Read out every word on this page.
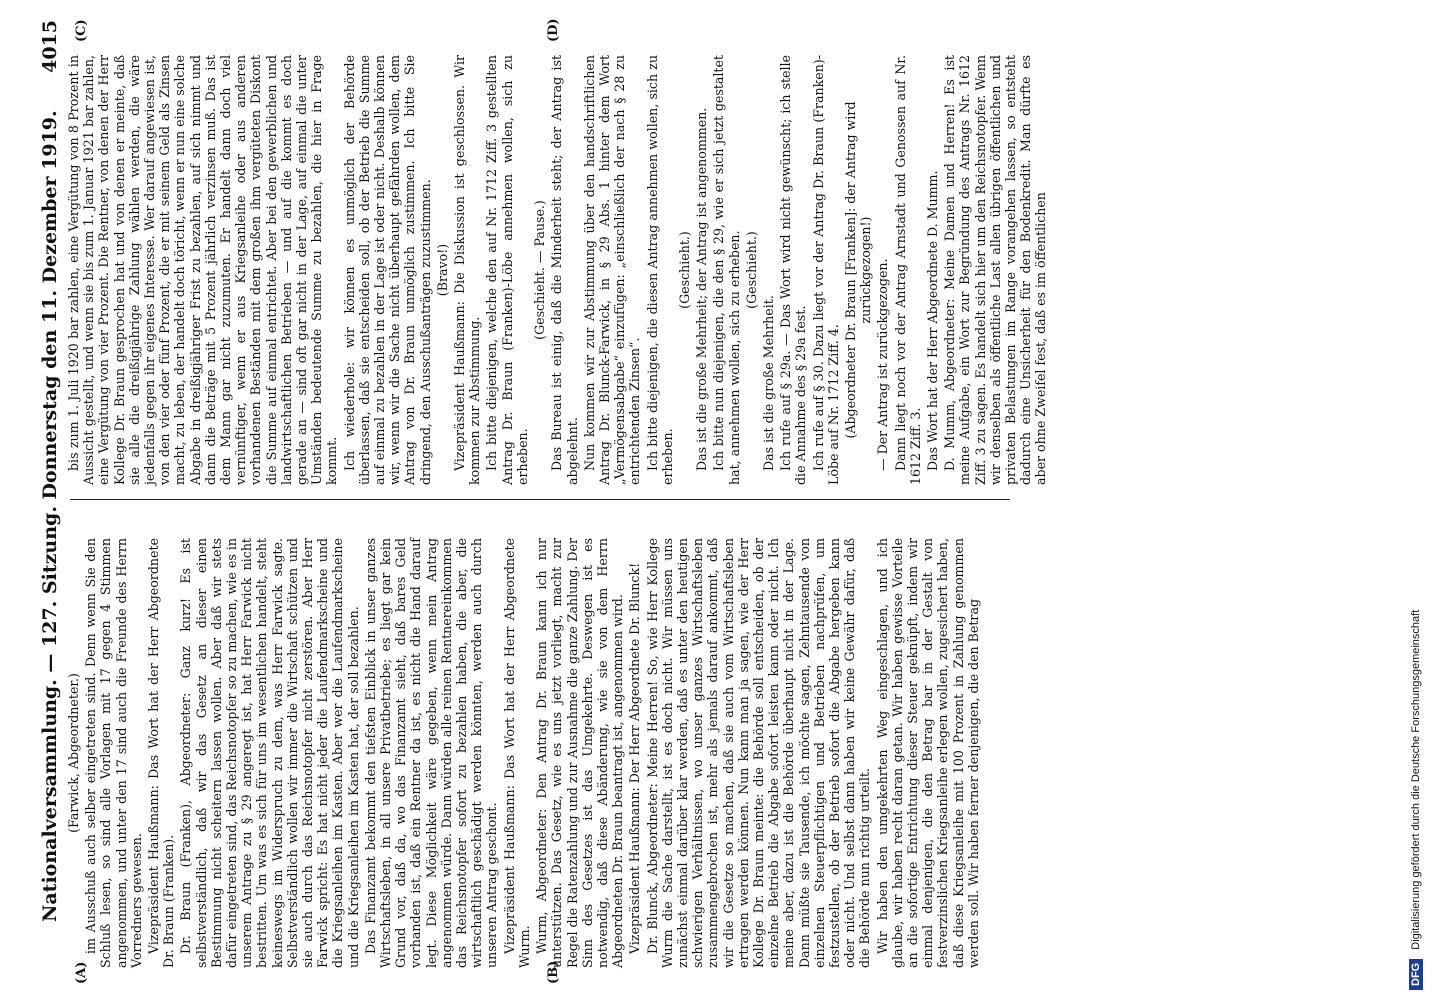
Nationalversammlung. — 127. Sitzung. Donnerstag den 11. Dezember 1919.
4015
(A)	(B)
(C)	(D)

(Farwick, Abgeordneter.) im Ausschuß auch selber eingetreten sind. Denn wenn Sie den Schluß lesen, so sind alle Vorlagen mit 17 gegen 4 Stimmen angenommen, und unter den 17 sind auch die Freunde des Herrn Vorredners gewesen. Vizepräsident Haußmann: Das Wort hat der Herr Abgeordnete Dr. Braun (Franken). Dr. Braun (Franken), Abgeordneter: Ganz kurz! Es ist selbstverständlich, daß wir das Gesetz an dieser einen Bestimmung nicht scheitern lassen wollen. Aber daß wir stets dafür eingetreten sind, das Reichsnotopfer so zu machen, wie es in unserem Antrage zu § 29 angeregt ist, hat Herr Farwick nicht bestritten. Um was es sich für uns im wesentlichen handelt, steht keineswegs im Widerspruch zu dem, was Herr Farwick sagte. Selbstverständlich wollen wir immer die Wirtschaft schützen und sie auch durch das Reichsnotopfer nicht zerstören. Aber Herr Farwick spricht: Es hat nicht jeder die Laufendmarkscheine und die Kriegsanleihen im Kasten. Aber wer die Laufendmarkscheine und die Kriegsanleihen im Kasten hat, der soll bezahlen. Das Finanzamt bekommt den tiefsten Einblick in unser ganzes Wirtschaftsleben, in all unsere Privatbetriebe; es liegt gar kein Grund vor, daß da, wo das Finanzamt sieht, daß bares Geld vorhanden ist, daß ein Rentner da ist, es nicht die Hand darauf legt. Diese Möglichkeit wäre gegeben, wenn mein Antrag angenommen würde. Dann würden alle reinen Rentnereinkommen das Reichsnotopfer sofort zu bezahlen haben, die aber, die wirtschaftlich geschädigt werden könnten, werden auch durch unseren Antrag geschont. Vizepräsident Haußmann: Das Wort hat der Herr Abgeordnete Wurm. Wurm, Abgeordneter: Den Antrag Dr. Braun kann ich nur unterstützen. Das Gesetz, wie es uns jetzt vorliegt, macht zur Regel die Ratenzahlung und zur Ausnahme die ganze Zahlung. Der Sinn des Gesetzes ist das Umgekehrte. Deswegen ist es notwendig, daß diese Abänderung, wie sie von dem Herrn Abgeordneten Dr. Braun beantragt ist, angenommen wird. Vizepräsident Haußmann: Der Herr Abgeordnete Dr. Blunck! Dr. Blunck, Abgeordneter: Meine Herren! So, wie Herr Kollege Wurm die Sache darstellt, ist es doch nicht. Wir müssen uns zunächst einmal darüber klar werden, daß es unter den heutigen schwierigen Verhältnissen, wo unser ganzes Wirtschaftsleben zusammengebrochen ist, mehr als jemals darauf ankommt, daß wir die Gesetze so machen, daß sie auch vom Wirtschaftsleben ertragen werden können. Nun kann man ja sagen, wie der Herr Kollege Dr. Braun meinte: die Behörde soll entscheiden, ob der einzelne Betrieb die Abgabe sofort leisten kann oder nicht. Ich meine aber, dazu ist die Behörde überhaupt nicht in der Lage. Dann müßte sie Tausende, ich möchte sagen, Zehntausende von einzelnen Steuerpflichtigen und Betrieben nachprüfen, um festzustellen, ob der Betrieb sofort die Abgabe hergeben kann oder nicht. Und selbst dann haben wir keine Gewähr dafür, daß die Behörde nun richtig urteilt. Wir haben den umgekehrten Weg eingeschlagen, und ich glaube, wir haben recht daran getan. Wir haben gewisse Vorteile an die sofortige Entrichtung dieser Steuer geknüpft, indem wir einmal denjenigen, die den Betrag bar in der Gestalt von festverzinslichen Kriegsanleihe erlegen wollen, zugesichert haben, daß diese Kriegsanleihe mit 100 Prozent in Zahlung genommen werden soll. Wir haben ferner denjenigen, die den Betrag

bis zum 1. Juli 1920 bar zahlen, eine Vergütung von 8 Prozent in Aussicht gestellt, und wenn sie bis zum 1. Januar 1921 bar zahlen, eine Vergütung von vier Prozent. Die Rentner, von denen der Herr Kollege Dr. Braun gesprochen hat und von denen er meinte, daß sie alle die dreißigjährige Zahlung wählen werden, die wäre jedenfalls gegen ihr eigenes Interesse. Wer darauf angewiesen ist, von den vier oder fünf Prozent, die er mit seinem Geld als Zinsen macht, zu leben, der handelt doch töricht, wenn er nun eine solche Abgabe in dreißigjähriger Frist zu bezahlen, auf sich nimmt und dann die Beträge mit 5 Prozent jährlich verzinsen muß. Das ist dem Mann gar nicht zuzumuten. Er handelt dann doch viel vernünftiger, wenn er aus Kriegsanleihe oder aus anderen vorhandenen Beständen mit dem großen ihm vergüteten Diskont die Summe auf einmal entrichtet. Aber bei den gewerblichen und landwirtschaftlichen Betrieben — und auf die kommt es doch gerade an — sind oft gar nicht in der Lage, auf einmal die unter Umständen bedeutende Summe zu bezahlen, die hier in Frage kommt. Ich wiederhole: wir können es unmöglich der Behörde überlassen, daß sie entscheiden soll, ob der Betrieb die Summe auf einmal zu bezahlen in der Lage ist oder nicht. Deshalb können wir, wenn wir die Sache nicht überhaupt gefährden wollen, dem Antrag von Dr. Braun unmöglich zustimmen. Ich bitte Sie dringend, den Ausschußanträgen zuzustimmen. (Bravo!) Vizepräsident Haußmann: Die Diskussion ist geschlossen. Wir kommen zur Abstimmung. Ich bitte diejenigen, welche den auf Nr. 1712 Ziff. 3 gestellten Antrag Dr. Braun (Franken)-Löbe annehmen wollen, sich zu erheben.

(Geschieht. — Pause.) Das Bureau ist einig, daß die Minderheit steht; der Antrag ist abgelehnt. Nun kommen wir zur Abstimmung über den handschriftlichen Antrag Dr. Blunck-Farwick, in § 29 Abs. 1 hinter dem Wort „Vermögensabgabe“ einzufügen: „einschließlich der nach § 28 zu entrichtenden Zinsen“. Ich bitte diejenigen, die diesen Antrag annehmen wollen, sich zu erheben.

(Geschieht.) Das ist die große Mehrheit; der Antrag ist angenommen. Ich bitte nun diejenigen, die den § 29, wie er sich jetzt gestaltet hat, annehmen wollen, sich zu erheben. (Geschieht.)

Das ist die große Mehrheit. Ich rufe auf § 29a. — Das Wort wird nicht gewünscht; ich stelle die Annahme des § 29a fest. Ich rufe auf § 30. Dazu liegt vor der Antrag Dr. Braun (Franken)-Löbe auf Nr. 1712 Ziff. 4. (Abgeordneter Dr. Braun [Franken]: der Antrag wird zurückgezogen!) — Der Antrag ist zurückgezogen. Dann liegt noch vor der Antrag Arnstadt und Genossen auf Nr. 1612 Ziff. 3. Das Wort hat der Herr Abgeordnete D. Mumm. D. Mumm, Abgeordneter: Meine Damen und Herren! Es ist meine Aufgabe, ein Wort zur Begründung des Antrags Nr. 1612 Ziff. 3 zu sagen. Es handelt sich hier um den Reichsnotopfer. Wenn wir denselben als öffentliche Last allen übrigen öffentlichen und privaten Belastungen im Range vorangehen lassen, so entsteht dadurch eine Unsicherheit für den Bodenkredit. Man dürfte es aber ohne Zweifel fest, daß es im öffentlichen

DFG Digitalisierung gefördert durch die Deutsche Forschungsgemeinschaft
